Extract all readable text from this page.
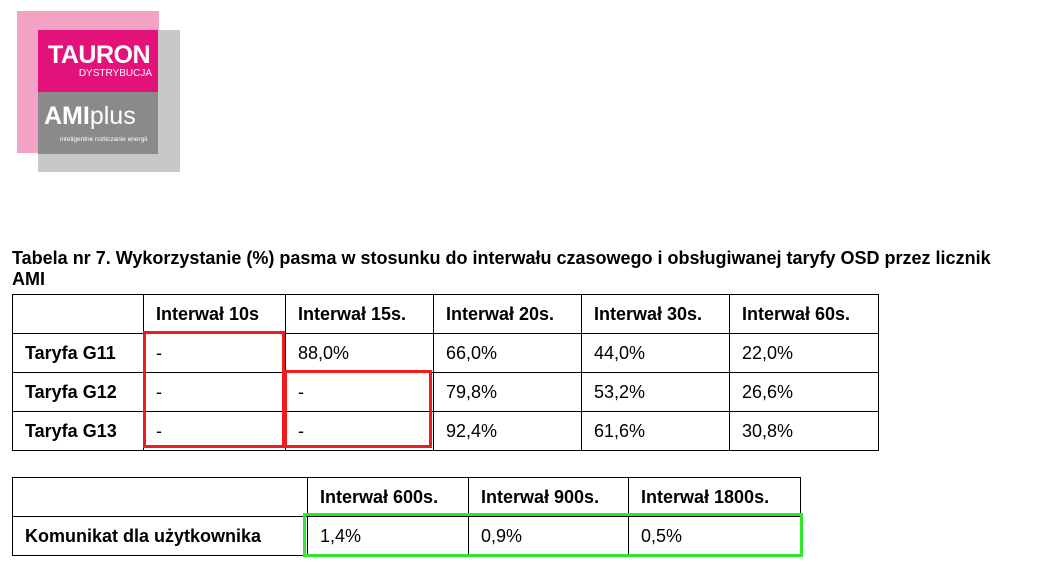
TAURON
DYSTRYBUCJA
AMIplus
inteligentne rozliczanie energii
Tabela nr 7. Wykorzystanie (%) pasma w stosunku do interwału czasowego i obsługiwanej taryfy OSD przez licznik AMI
	Interwał 10s	Interwał 15s.	Interwał 20s.	Interwał 30s.	Interwał 60s.
Taryfa G11	-	88,0%	66,0%	44,0%	22,0%
Taryfa G12	-	-	79,8%	53,2%	26,6%
Taryfa G13	-	-	92,4%	61,6%	30,8%
	Interwał 600s.	Interwał 900s.	Interwał 1800s.
Komunikat dla użytkownika	1,4%	0,9%	0,5%
